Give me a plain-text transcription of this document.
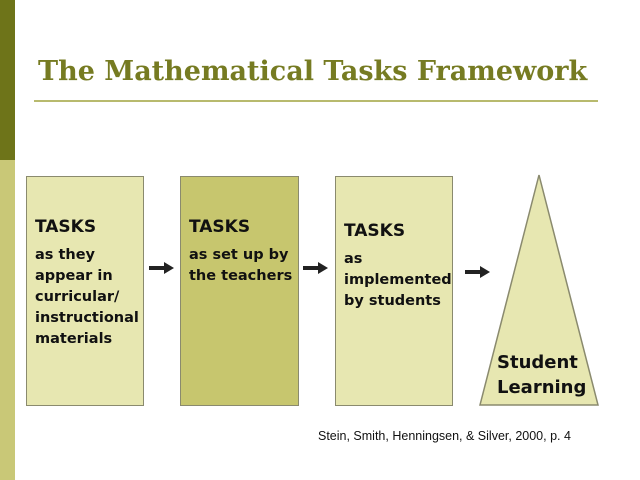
The Mathematical Tasks Framework
TASKS
as they
appear in
curricular/
instructional
materials
TASKS
as set up by
the teachers
TASKS
as
implemented
by students
Student
Learning
Stein, Smith, Henningsen, & Silver, 2000, p. 4
